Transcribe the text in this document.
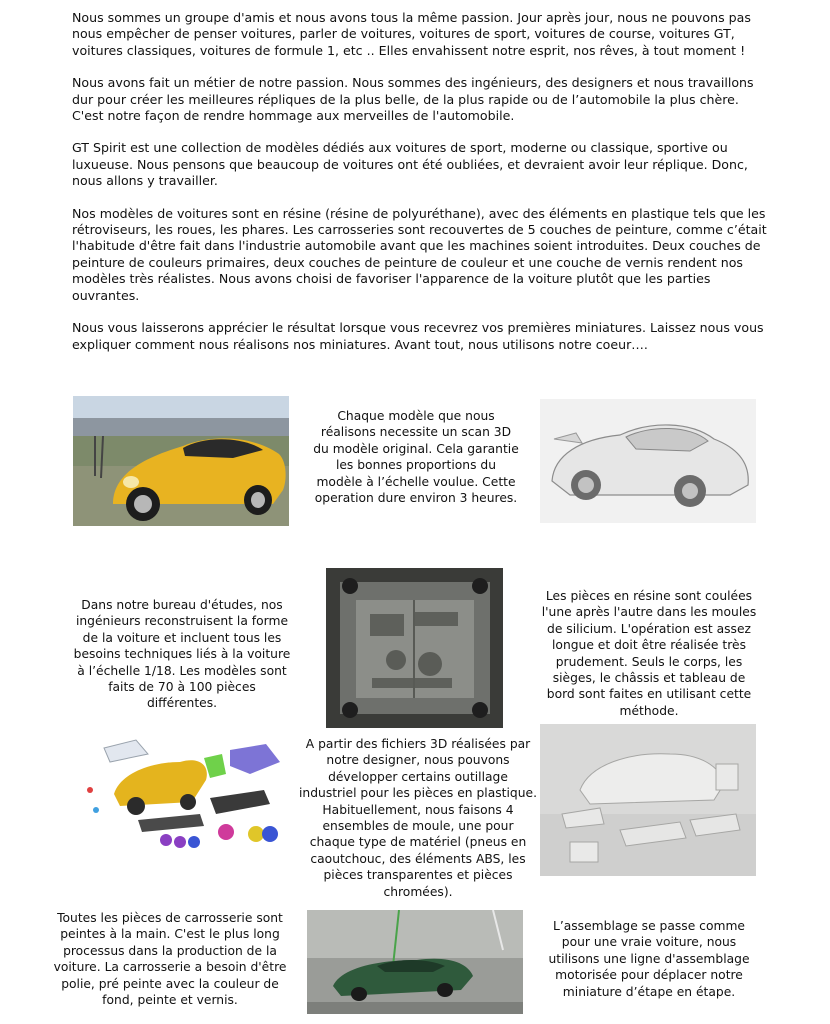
Nous sommes un groupe d'amis et nous avons tous la même passion. Jour après jour, nous ne pouvons pas nous empêcher de penser voitures, parler de voitures, voitures de sport, voitures de course, voitures GT, voitures classiques, voitures de formule 1, etc .. Elles envahissent notre esprit, nos rêves, à tout moment !

Nous avons fait un métier de notre passion. Nous sommes des ingénieurs, des designers et nous travaillons dur pour créer les meilleures répliques de la plus belle, de la plus rapide ou de l’automobile la plus chère. C'est notre façon de rendre hommage aux merveilles de l'automobile.

GT Spirit est une collection de modèles dédiés aux voitures de sport, moderne ou classique, sportive ou luxueuse. Nous pensons que beaucoup de voitures ont été oubliées, et devraient avoir leur réplique. Donc, nous allons y travailler.

Nos modèles de voitures sont en résine (résine de polyuréthane), avec des éléments en plastique tels que les rétroviseurs, les roues, les phares. Les carrosseries sont recouvertes de 5 couches de peinture, comme c’était l'habitude d'être fait dans l'industrie automobile avant que les machines soient introduites. Deux couches de peinture de couleurs primaires, deux couches de peinture de couleur et une couche de vernis rendent nos modèles très réalistes. Nous avons choisi de favoriser l'apparence de la voiture plutôt que les parties ouvrantes.

Nous vous laisserons apprécier le résultat lorsque vous recevrez vos premières miniatures. Laissez nous vous expliquer comment nous réalisons nos miniatures. Avant tout, nous utilisons notre coeur….

Chaque modèle que nous réalisons necessite un scan 3D du modèle original. Cela garantie les bonnes proportions du modèle à l’échelle voulue. Cette operation dure environ 3 heures.
Dans notre bureau d'études, nos ingénieurs reconstruisent la forme de la voiture et incluent tous les besoins techniques liés à la voiture à l’échelle 1/18. Les modèles sont faits de 70 à 100 pièces différentes.
Les pièces en résine sont coulées l'une après l'autre dans les moules de silicium. L'opération est assez longue et doit être réalisée très prudement. Seuls le corps, les sièges, le châssis et tableau de bord sont faites en utilisant cette méthode.
A partir des fichiers 3D réalisées par notre designer, nous pouvons développer certains outillage industriel pour les pièces en plastique. Habituellement, nous faisons 4 ensembles de moule, une pour chaque type de matériel (pneus en caoutchouc, des éléments ABS, les pièces transparentes et pièces chromées).
Toutes les pièces de carrosserie sont peintes à la main. C'est le plus long processus dans la production de la voiture. La carrosserie a besoin d'être polie, pré peinte avec la couleur de fond, peinte et vernis.
L’assemblage se passe comme pour une vraie voiture, nous utilisons une ligne d'assemblage motorisée pour déplacer notre miniature d’étape en étape.
